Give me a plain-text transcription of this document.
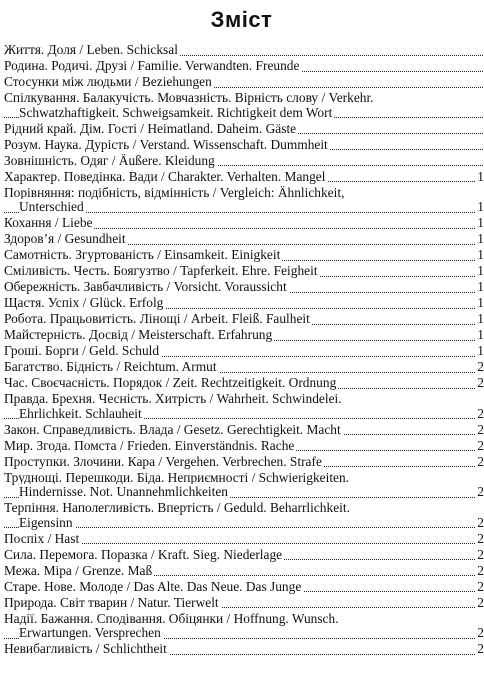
Зміст
Життя. Доля / Leben. Schicksal
Родина. Родичі. Друзі / Familie. Verwandten. Freunde
Стосунки між людьми / Beziehungen
Спілкування. Балакучість. Мовчазність. Вірність слову / Verkehr.
Schwatzhaftigkeit. Schweigsamkeit. Richtigkeit dem Wort
Рідний край. Дім. Гості / Heimatland. Daheim. Gäste
Розум. Наука. Дурість / Verstand. Wissenschaft. Dummheit
Зовнішність. Одяг / Äußere. Kleidung
Характер. Поведінка. Вади / Charakter. Verhalten. Mangel	1
Порівняння: подібність, відмінність / Vergleich: Ähnlichkeit,
Unterschied	1
Кохання / Liebe	1
Здоров’я / Gesundheit	1
Самотність. Згуртованість / Einsamkeit. Einigkeit	1
Сміливість. Честь. Боягузтво / Tapferkeit. Ehre. Feigheit	1
Обережність. Завбачливість / Vorsicht. Voraussicht	1
Щастя. Успіх / Glück. Erfolg	1
Робота. Працьовитість. Лінощі / Arbeit. Fleiß. Faulheit	1
Майстерність. Досвід / Meisterschaft. Erfahrung	1
Гроші. Борги / Geld. Schuld	1
Багатство. Бідність / Reichtum. Armut	2
Час. Своєчасність. Порядок / Zeit. Rechtzeitigkeit. Ordnung	2
Правда. Брехня. Чесність. Хитрість / Wahrheit. Schwindelei.
Ehrlichkeit. Schlauheit	2
Закон. Справедливість. Влада / Gesetz. Gerechtigkeit. Macht	2
Мир. Згода. Помста / Frieden. Einverständnis. Rache	2
Проступки. Злочини. Кара / Vergehen. Verbrechen. Strafe	2
Труднощі. Перешкоди. Біда. Неприємності / Schwierigkeiten.
Hindernisse. Not. Unannehmlichkeiten	2
Терпіння. Наполегливість. Впертість / Geduld. Beharrlichkeit.
Eigensinn	2
Поспіх / Hast	2
Сила. Перемога. Поразка / Kraft. Sieg. Niederlage	2
Межа. Міра / Grenze. Maß	2
Старе. Нове. Молоде / Das Alte. Das Neue. Das Junge	2
Природа. Світ тварин / Natur. Tierwelt	2
Надії. Бажання. Сподівання. Обіцянки / Hoffnung. Wunsch.
Erwartungen. Versprechen	2
Невибагливість / Schlichtheit	2
